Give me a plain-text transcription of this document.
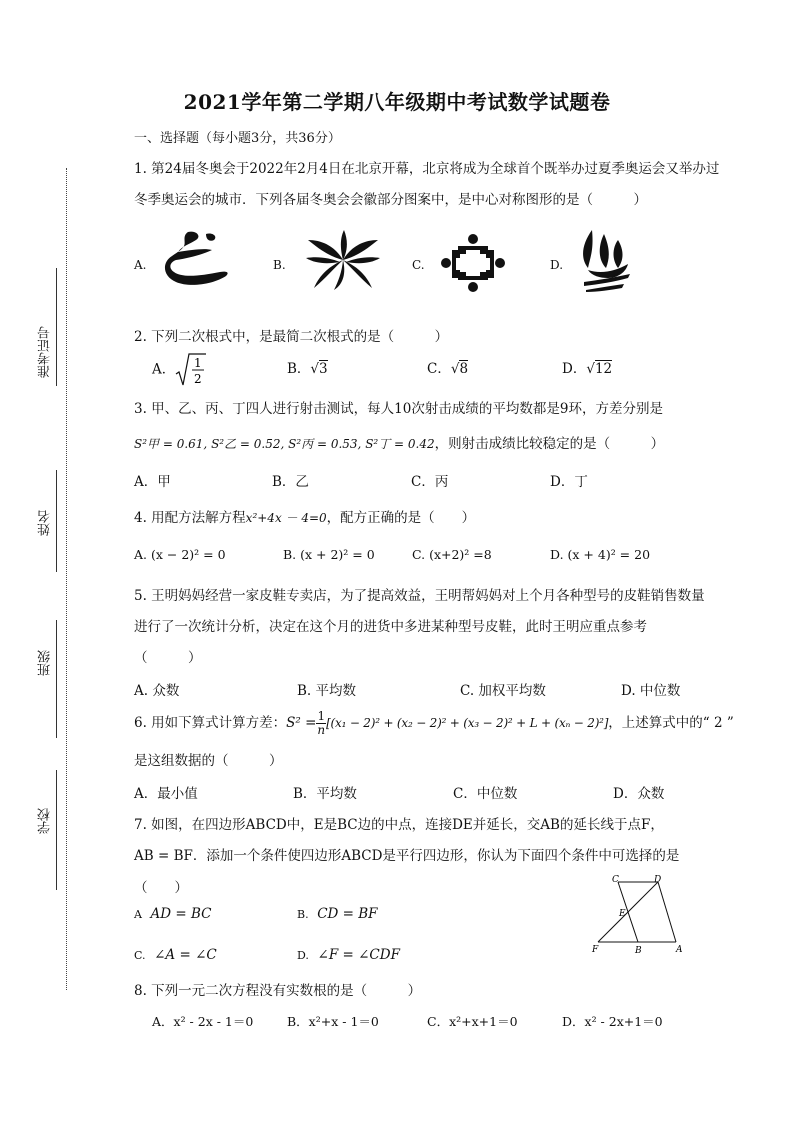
准考证号
姓名
班级
学校
2021学年第二学期八年级期中考试数学试题卷
一、选择题（每小题3分，共36分）
1. 第24届冬奥会于2022年2月4日在北京开幕，北京将成为全球首个既举办过夏季奥运会又举办过
冬季奥运会的城市．下列各届冬奥会会徽部分图案中，是中心对称图形的是（　　　）
A.	B.	C.	D.
2. 下列二次根式中，是最简二次根式的是（　　　）
A． 1
2
B．√3	C．√8	D．√12
3. 甲、乙、丙、丁四人进行射击测试，每人10次射击成绩的平均数都是9环，方差分别是
S²甲 = 0.61, S²乙 = 0.52, S²丙 = 0.53, S²丁 = 0.42，则射击成绩比较稳定的是（　　　）
A．甲	B．乙	C．丙	D．丁
4. 用配方法解方程x²+4x － 4=0，配方正确的是（　　）
A. (x − 2)² = 0	B. (x + 2)² = 0	C. (x+2)² =8	D. (x + 4)² = 20
5. 王明妈妈经营一家皮鞋专卖店，为了提高效益，王明帮妈妈对上个月各种型号的皮鞋销售数量
进行了一次统计分析，决定在这个月的进货中多进某种型号皮鞋，此时王明应重点参考
（　　　）
A. 众数	B. 平均数	C. 加权平均数	D. 中位数
6. 用如下算式计算方差：$S^2 = \frac{1}{n} [(x_1 - 2)^2 + (x_2 - 2)^2 + (x_3 - 2)^2 + L + (x_n - 2)^2]$，上述算式中的“ 2 ”
是这组数据的（　　　）
A．最小值	B．平均数	C．中位数	D．众数
7. 如图，在四边形ABCD中，E是BC边的中点，连接DE并延长，交AB的延长线于点F，
AB = BF．添加一个条件使四边形ABCD是平行四边形，你认为下面四个条件中可选择的是
（　　）
A AD = BC	B. CD = BF
C. ∠A = ∠C	D. ∠F = ∠CDF
C	D
E
F	B	A
8. 下列一元二次方程没有实数根的是（　　　）
A．x² - 2x - 1＝0	B．x²+x - 1＝0	C．x²+x+1＝0	D．x² - 2x+1＝0
